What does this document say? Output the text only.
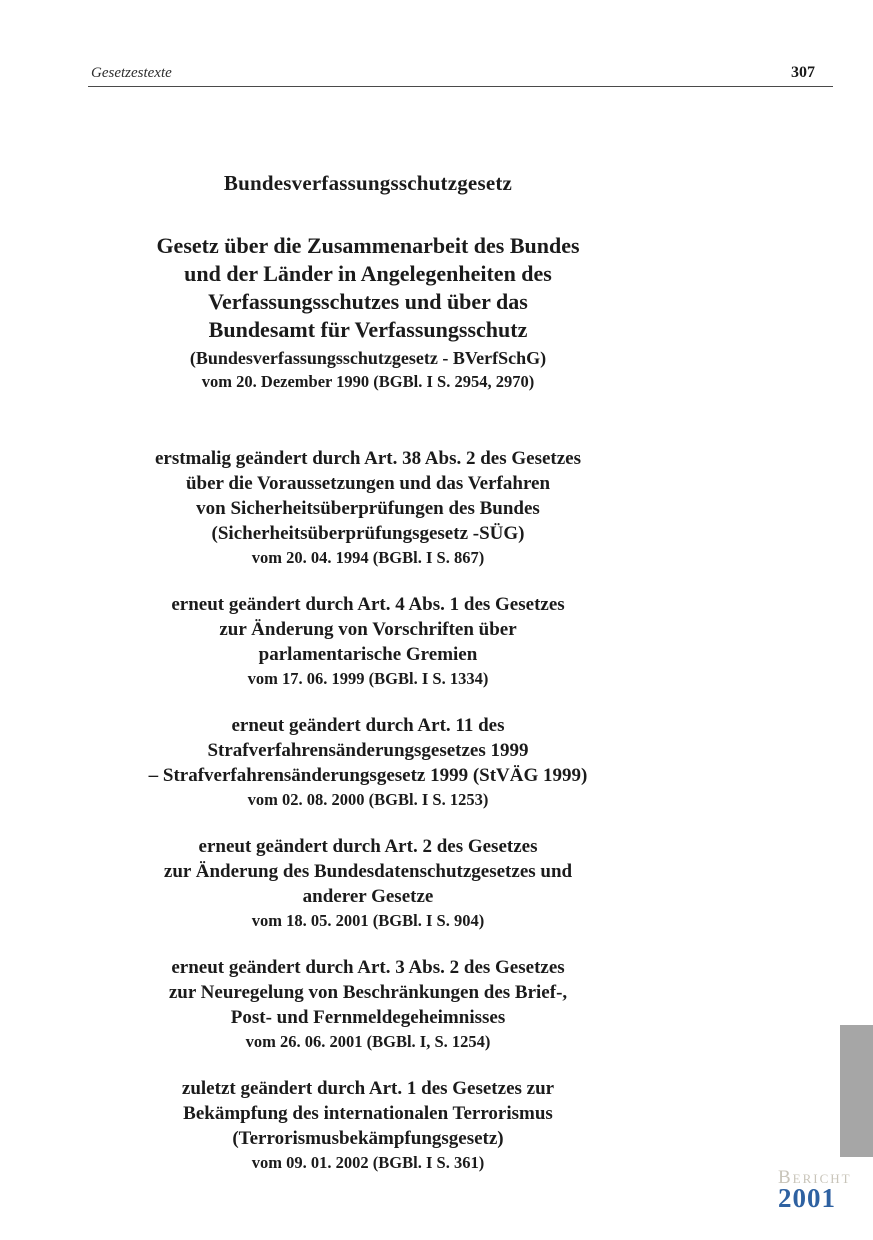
Gesetzestexte	307
Bundesverfassungsschutzgesetz
Gesetz über die Zusammenarbeit des Bundes
und der Länder in Angelegenheiten des
Verfassungsschutzes und über das
Bundesamt für Verfassungsschutz
(Bundesverfassungsschutzgesetz - BVerfSchG)
vom 20. Dezember 1990 (BGBl. I S. 2954, 2970)
erstmalig geändert durch Art. 38 Abs. 2 des Gesetzes
über die Voraussetzungen und das Verfahren
von Sicherheitsüberprüfungen des Bundes
(Sicherheitsüberprüfungsgesetz -SÜG)
vom 20. 04. 1994 (BGBl. I S. 867)
erneut geändert durch Art. 4 Abs. 1 des Gesetzes
zur Änderung von Vorschriften über
parlamentarische Gremien
vom 17. 06. 1999 (BGBl. I S. 1334)
erneut geändert durch Art. 11 des
Strafverfahrensänderungsgesetzes 1999
– Strafverfahrensänderungsgesetz 1999 (StVÄG 1999)
vom 02. 08. 2000 (BGBl. I S. 1253)
erneut geändert durch Art. 2 des Gesetzes
zur Änderung des Bundesdatenschutzgesetzes und
anderer Gesetze
vom 18. 05. 2001 (BGBl. I S. 904)
erneut geändert durch Art. 3 Abs. 2 des Gesetzes
zur Neuregelung von Beschränkungen des Brief-,
Post- und Fernmeldegeheimnisses
vom 26. 06. 2001 (BGBl. I, S. 1254)
zuletzt geändert durch Art. 1 des Gesetzes zur
Bekämpfung des internationalen Terrorismus
(Terrorismusbekämpfungsgesetz)
vom 09. 01. 2002 (BGBl. I S. 361)
Bericht
2001
